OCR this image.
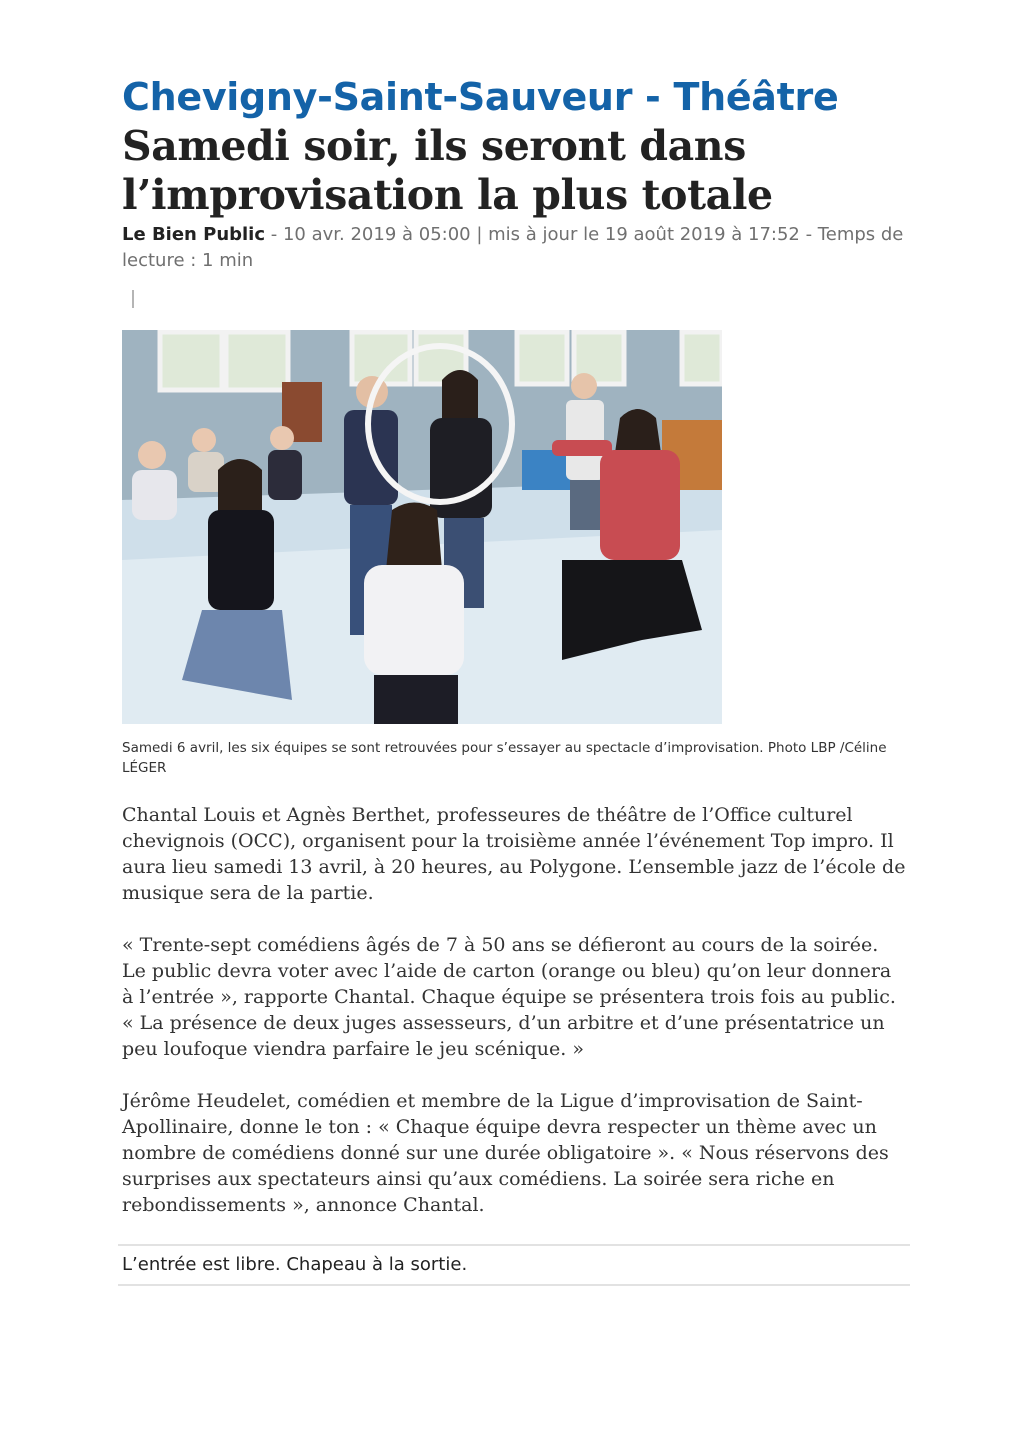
Chevigny-Saint-Sauveur - Théâtre
Samedi soir, ils seront dans l’improvisation la plus totale
Le Bien Public - 10 avr. 2019 à 05:00 | mis à jour le 19 août 2019 à 17:52 - Temps de lecture : 1 min
Samedi 6 avril, les six équipes se sont retrouvées pour s’essayer au spectacle d’improvisation. Photo LBP /Céline LÉGER

Chantal Louis et Agnès Berthet, professeures de théâtre de l’Office culturel chevignois (OCC), organisent pour la troisième année l’événement Top impro. Il aura lieu samedi 13 avril, à 20 heures, au Polygone. L’ensemble jazz de l’école de musique sera de la partie.

« Trente-sept comédiens âgés de 7 à 50 ans se défieront au cours de la soirée. Le public devra voter avec l’aide de carton (orange ou bleu) qu’on leur donnera à l’entrée », rapporte Chantal. Chaque équipe se présentera trois fois au public. « La présence de deux juges assesseurs, d’un arbitre et d’une présentatrice un peu loufoque viendra parfaire le jeu scénique. »

Jérôme Heudelet, comédien et membre de la Ligue d’improvisation de Saint-Apollinaire, donne le ton : « Chaque équipe devra respecter un thème avec un nombre de comédiens donné sur une durée obligatoire ». « Nous réservons des surprises aux spectateurs ainsi qu’aux comédiens. La soirée sera riche en rebondissements », annonce Chantal.

L’entrée est libre. Chapeau à la sortie.
